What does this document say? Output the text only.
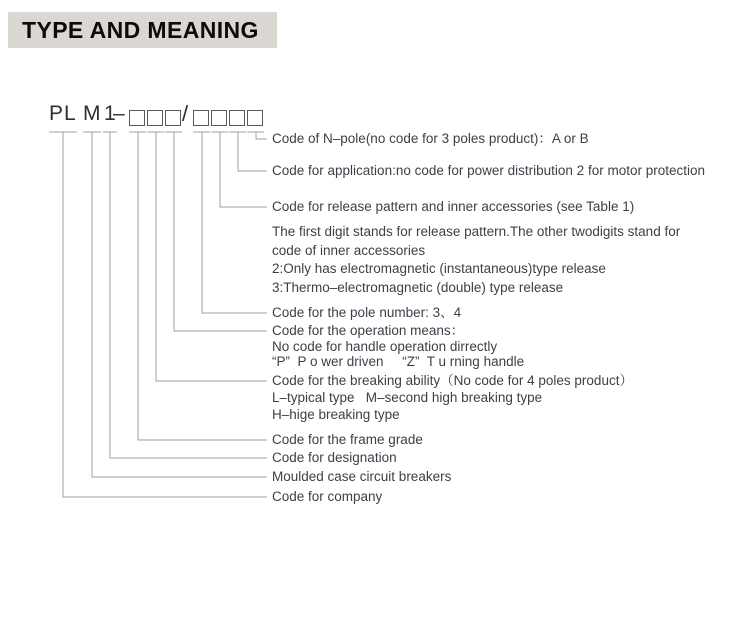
TYPE AND MEANING
PL M 1
–	/
Code of N–pole(no code for 3 poles product)：A or B
Code for application:no code for power distribution 2 for motor protection
Code for release pattern and inner accessories (see Table 1)
The first digit stands for release pattern.The other twodigits stand for
code of inner accessories
2:Only has electromagnetic (instantaneous)type release
3:Thermo–electromagnetic (double) type release
Code for the pole number: 3、4
Code for the operation means：
No code for handle operation dirrectly
“P”  P o wer driven     “Z”  T u rning handle
Code for the breaking ability（No code for 4 poles product）
L–typical type   M–second high breaking type
H–hige breaking type
Code for the frame grade
Code for designation
Moulded case circuit breakers
Code for company
